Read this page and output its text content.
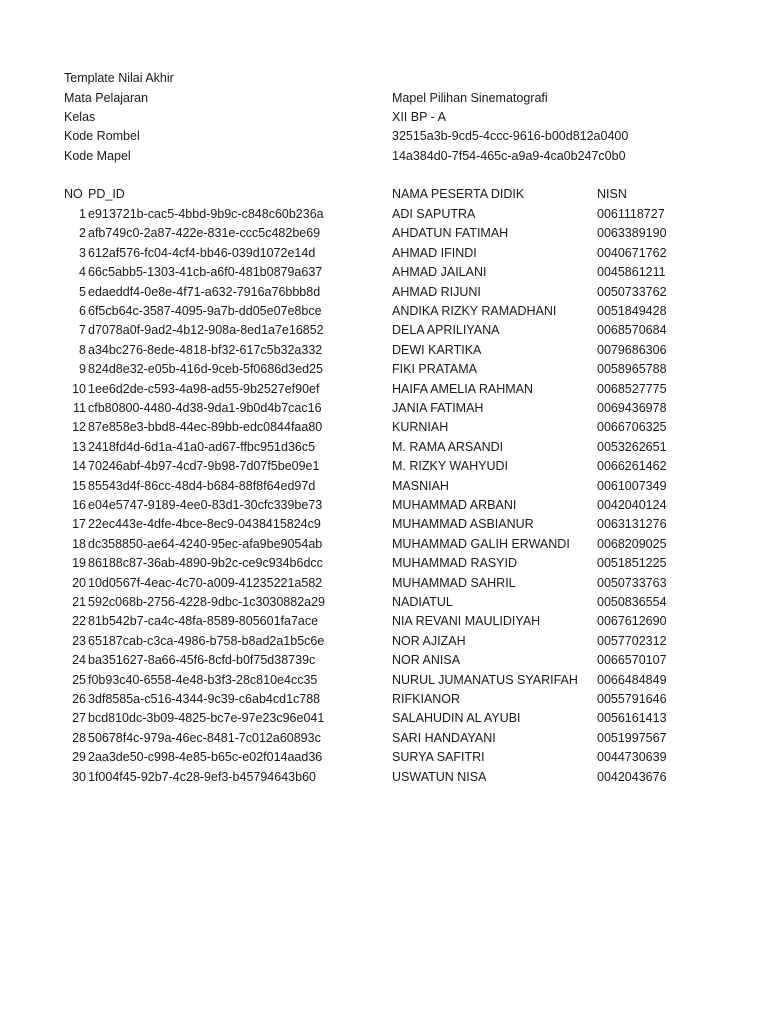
Template Nilai Akhir
Mata Pelajaran	Mapel Pilihan Sinematografi
Kelas	XII BP - A
Kode Rombel	32515a3b-9cd5-4ccc-9616-b00d812a0400
Kode Mapel	14a384d0-7f54-465c-a9a9-4ca0b247c0b0
NO PD_ID	NAMA PESERTA DIDIK	NISN
1 e913721b-cac5-4bbd-9b9c-c848c60b236a	ADI SAPUTRA	0061118727
2 afb749c0-2a87-422e-831e-ccc5c482be69	AHDATUN FATIMAH	0063389190
3 612af576-fc04-4cf4-bb46-039d1072e14d	AHMAD IFINDI	0040671762
4 66c5abb5-1303-41cb-a6f0-481b0879a637	AHMAD JAILANI	0045861211
5 edaeddf4-0e8e-4f71-a632-7916a76bbb8d	AHMAD RIJUNI	0050733762
6 6f5cb64c-3587-4095-9a7b-dd05e07e8bce	ANDIKA RIZKY RAMADHANI	0051849428
7 d7078a0f-9ad2-4b12-908a-8ed1a7e16852	DELA APRILIYANA	0068570684
8 a34bc276-8ede-4818-bf32-617c5b32a332	DEWI KARTIKA	0079686306
9 824d8e32-e05b-416d-9ceb-5f0686d3ed25	FIKI PRATAMA	0058965788
10 1ee6d2de-c593-4a98-ad55-9b2527ef90ef	HAIFA AMELIA RAHMAN	0068527775
11 cfb80800-4480-4d38-9da1-9b0d4b7cac16	JANIA FATIMAH	0069436978
12 87e858e3-bbd8-44ec-89bb-edc0844faa80	KURNIAH	0066706325
13 2418fd4d-6d1a-41a0-ad67-ffbc951d36c5	M. RAMA ARSANDI	0053262651
14 70246abf-4b97-4cd7-9b98-7d07f5be09e1	M. RIZKY WAHYUDI	0066261462
15 85543d4f-86cc-48d4-b684-88f8f64ed97d	MASNIAH	0061007349
16 e04e5747-9189-4ee0-83d1-30cfc339be73	MUHAMMAD ARBANI	0042040124
17 22ec443e-4dfe-4bce-8ec9-0438415824c9	MUHAMMAD ASBIANUR	0063131276
18 dc358850-ae64-4240-95ec-afa9be9054ab	MUHAMMAD GALIH ERWANDI 0068209025
19 86188c87-36ab-4890-9b2c-ce9c934b6dcc	MUHAMMAD RASYID	0051851225
20 10d0567f-4eac-4c70-a009-41235221a582	MUHAMMAD SAHRIL	0050733763
21 592c068b-2756-4228-9dbc-1c3030882a29	NADIATUL	0050836554
22 81b542b7-ca4c-48fa-8589-805601fa7ace	NIA REVANI MAULIDIYAH	0067612690
23 65187cab-c3ca-4986-b758-b8ad2a1b5c6e	NOR AJIZAH	0057702312
24 ba351627-8a66-45f6-8cfd-b0f75d38739c	NOR ANISA	0066570107
25 f0b93c40-6558-4e48-b3f3-28c810e4cc35	NURUL JUMANATUS SYARIFAH 0066484849
26 3df8585a-c516-4344-9c39-c6ab4cd1c788	RIFKIANOR	0055791646
27 bcd810dc-3b09-4825-bc7e-97e23c96e041	SALAHUDIN AL AYUBI	0056161413
28 50678f4c-979a-46ec-8481-7c012a60893c	SARI HANDAYANI	0051997567
29 2aa3de50-c998-4e85-b65c-e02f014aad36	SURYA SAFITRI	0044730639
30 1f004f45-92b7-4c28-9ef3-b45794643b60	USWATUN NISA	0042043676
